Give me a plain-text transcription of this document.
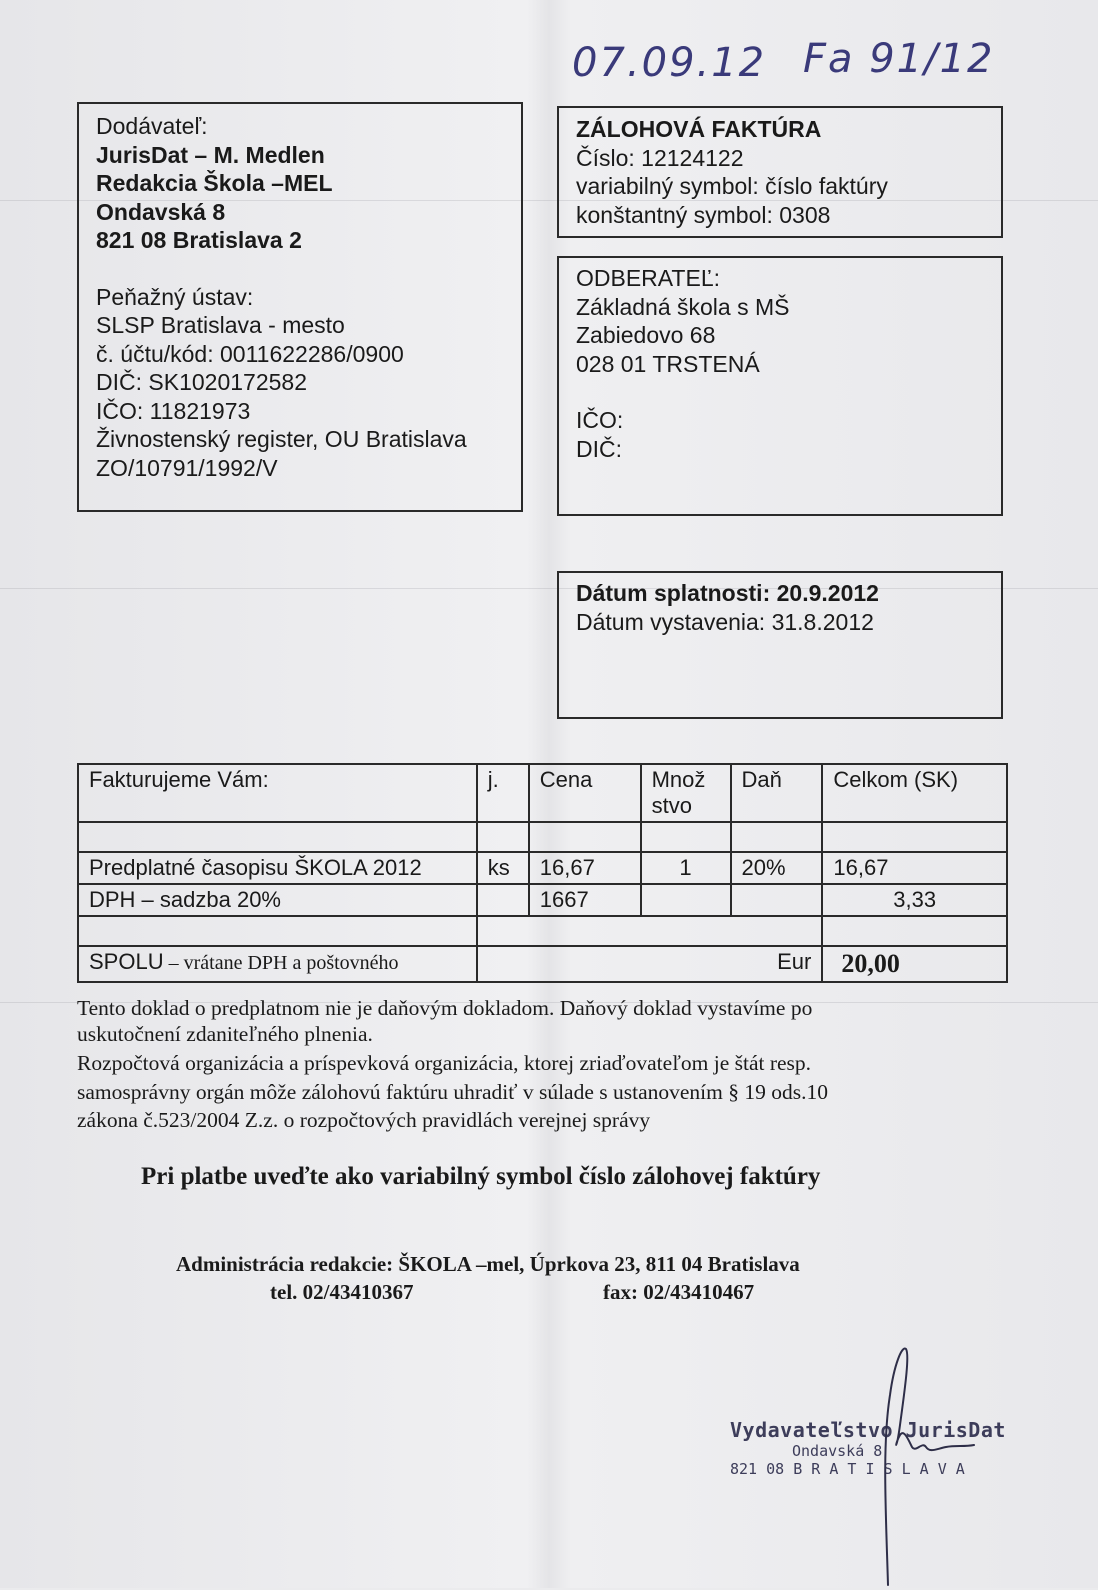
07.09.12 Fa 91/12
Dodávateľ:
JurisDat – M. Medlen
Redakcia Škola –MEL
Ondavská 8
821 08 Bratislava 2
Peňažný ústav:
SLSP Bratislava - mesto
č. účtu/kód: 0011622286/0900
DIČ: SK1020172582
IČO: 11821973
Živnostenský register, OU Bratislava
ZO/10791/1992/V
ZÁLOHOVÁ FAKTÚRA
Číslo: 12124122
variabilný symbol: číslo faktúry
konštantný symbol: 0308
ODBERATEĽ:
Základná škola s MŠ
Zabiedovo 68
028 01 TRSTENÁ
IČO:
DIČ:
Dátum splatnosti: 20.9.2012
Dátum vystavenia: 31.8.2012
Fakturujeme Vám:	j.	Cena	Množ stvo	Daň	Celkom (SK)

Predplatné časopisu ŠKOLA 2012	ks	16,67	1	20%	16,67
DPH – sadzba 20%		1667			3,33

SPOLU – vrátane DPH a poštovného	Eur				20,00
Tento doklad o predplatnom nie je daňovým dokladom. Daňový doklad vystavíme po
uskutočnení zdaniteľného plnenia.
Rozpočtová organizácia a príspevková organizácia, ktorej zriaďovateľom je štát resp.
samosprávny orgán môže zálohovú faktúru uhradiť v súlade s ustanovením § 19 ods.10
zákona č.523/2004 Z.z. o rozpočtových pravidlách verejnej správy
Pri platbe uveďte ako variabilný symbol číslo zálohovej faktúry
Administrácia redakcie: ŠKOLA –mel, Úprkova 23, 811 04 Bratislava
tel. 02/43410367	fax: 02/43410467
Vydavateľstvo JurisDat
Ondavská 8
821 08 B R A T I S L A V A
